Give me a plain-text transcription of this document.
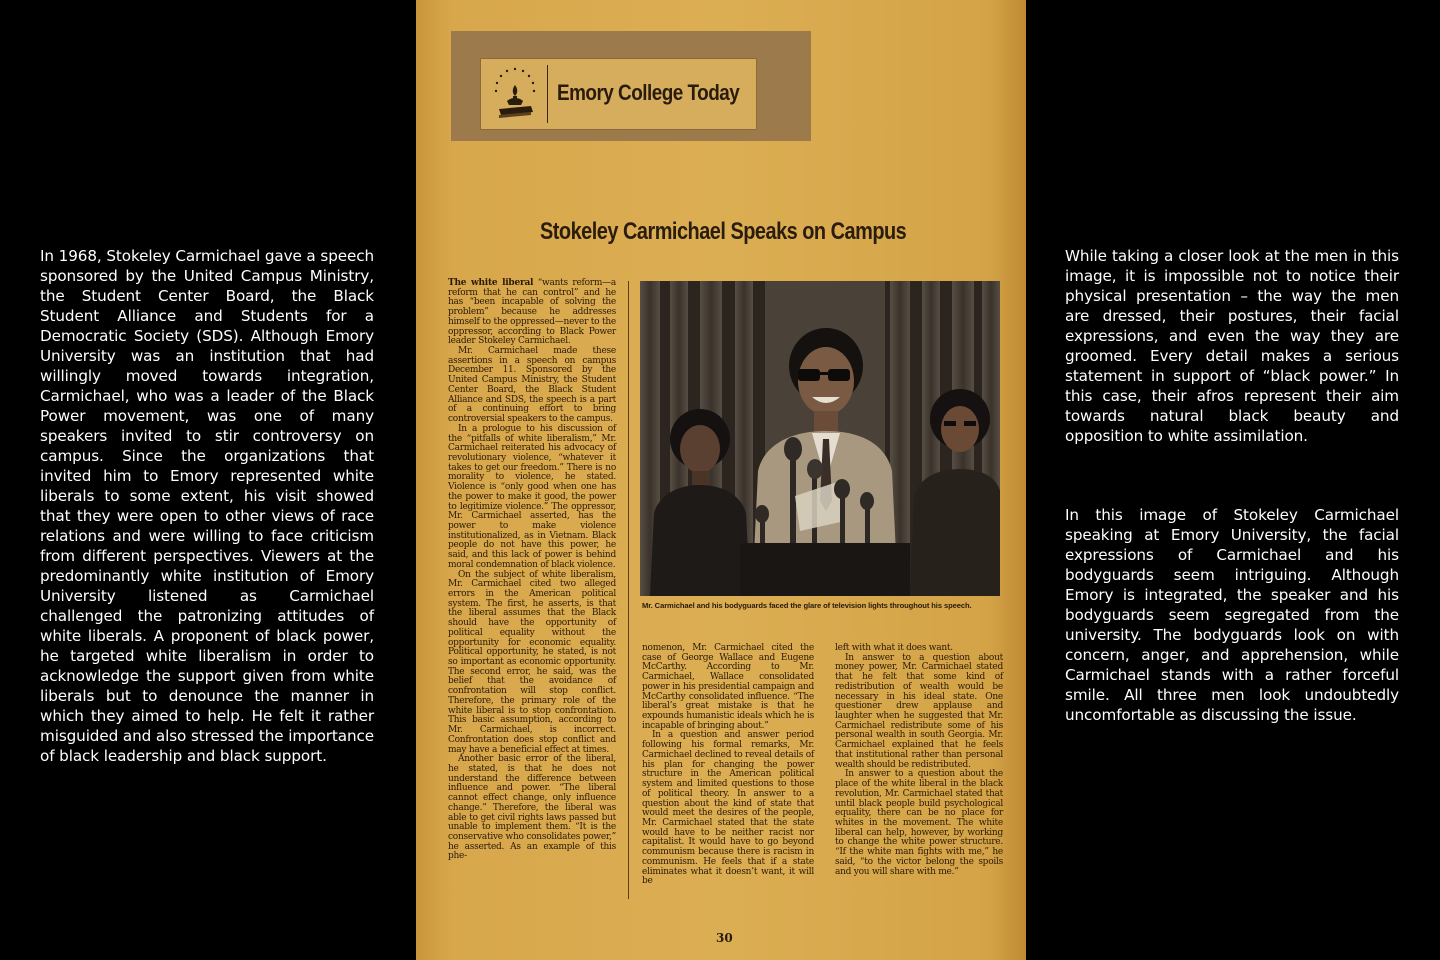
In 1968, Stokeley Carmichael gave a speech sponsored by the United Campus Ministry, the Student Center Board, the Black Student Alliance and Students for a Democratic Society (SDS). Although Emory University was an institution that had willingly moved towards integration, Carmichael, who was a leader of the Black Power movement, was one of many speakers invited to stir controversy on campus. Since the organizations that invited him to Emory represented white liberals to some extent, his visit showed that they were open to other views of race relations and were willing to face criticism from different perspectives. Viewers at the predominantly white institution of Emory University listened as Carmichael challenged the patronizing attitudes of white liberals. A proponent of black power, he targeted white liberalism in order to acknowledge the support given from white liberals but to denounce the manner in which they aimed to help. He felt it rather misguided and also stressed the importance of black leadership and black support.

While taking a closer look at the men in this image, it is impossible not to notice their physical presentation – the way the men are dressed, their postures, their facial expressions, and even the way they are groomed. Every detail makes a serious statement in support of “black power.” In this case, their afros represent their aim towards natural black beauty and opposition to white assimilation.

In this image of Stokeley Carmichael speaking at Emory University, the facial expressions of Carmichael and his bodyguards seem intriguing. Although Emory is integrated, the speaker and his bodyguards seem segregated from the university. The bodyguards look on with concern, anger, and apprehension, while Carmichael stands with a rather forceful smile. All three men look undoubtedly uncomfortable as discussing the issue.

Emory College Today
Stokeley Carmichael Speaks on Campus

The white liberal “wants reform—a reform that he can control” and he has “been incapable of solving the problem” because he addresses himself to the oppressed—never to the oppressor, according to Black Power leader Stokeley Carmichael.

Mr. Carmichael made these assertions in a speech on campus December 11. Sponsored by the United Campus Ministry, the Student Center Board, the Black Student Alliance and SDS, the speech is a part of a continuing effort to bring controversial speakers to the campus.

In a prologue to his discussion of the “pitfalls of white liberalism,” Mr. Carmichael reiterated his advocacy of revolutionary violence, “whatever it takes to get our freedom.” There is no morality to violence, he stated. Violence is “only good when one has the power to make it good, the power to legitimize violence.” The oppressor, Mr. Carmichael asserted, has the power to make violence institutionalized, as in Vietnam. Black people do not have this power, he said, and this lack of power is behind moral condemnation of black violence.

On the subject of white liberalism, Mr. Carmichael cited two alleged errors in the American political system. The first, he asserts, is that the liberal assumes that the Black should have the opportunity of political equality without the opportunity for economic equality. Political opportunity, he stated, is not so important as economic opportunity. The second error, he said, was the belief that the avoidance of confrontation will stop conflict. Therefore, the primary role of the white liberal is to stop confrontation. This basic assumption, according to Mr. Carmichael, is incorrect. Confrontation does stop conflict and may have a beneficial effect at times.

Another basic error of the liberal, he stated, is that he does not understand the difference between influence and power. “The liberal cannot effect change, only influence change.” Therefore, the liberal was able to get civil rights laws passed but unable to implement them. “It is the conservative who consolidates power,” he asserted. As an example of this phe-

Mr. Carmichael and his bodyguards faced the glare of television lights throughout his speech.

nomenon, Mr. Carmichael cited the case of George Wallace and Eugene McCarthy. According to Mr. Carmichael, Wallace consolidated power in his presidential campaign and McCarthy consolidated influence. “The liberal’s great mistake is that he expounds humanistic ideals which he is incapable of bringing about.”

In a question and answer period following his formal remarks, Mr. Carmichael declined to reveal details of his plan for changing the power structure in the American political system and limited questions to those of political theory. In answer to a question about the kind of state that would meet the desires of the people, Mr. Carmichael stated that the state would have to be neither racist nor capitalist. It would have to go beyond communism because there is racism in communism. He feels that if a state eliminates what it doesn’t want, it will be

left with what it does want.

In answer to a question about money power, Mr. Carmichael stated that he felt that some kind of redistribution of wealth would be necessary in his ideal state. One questioner drew applause and laughter when he suggested that Mr. Carmichael redistribute some of his personal wealth in south Georgia. Mr. Carmichael explained that he feels that institutional rather than personal wealth should be redistributed.

In answer to a question about the place of the white liberal in the black revolution, Mr. Carmichael stated that until black people build psychological equality, there can be no place for whites in the movement. The white liberal can help, however, by working to change the white power structure. “If the white man fights with me,” he said, “to the victor belong the spoils and you will share with me.”

30
